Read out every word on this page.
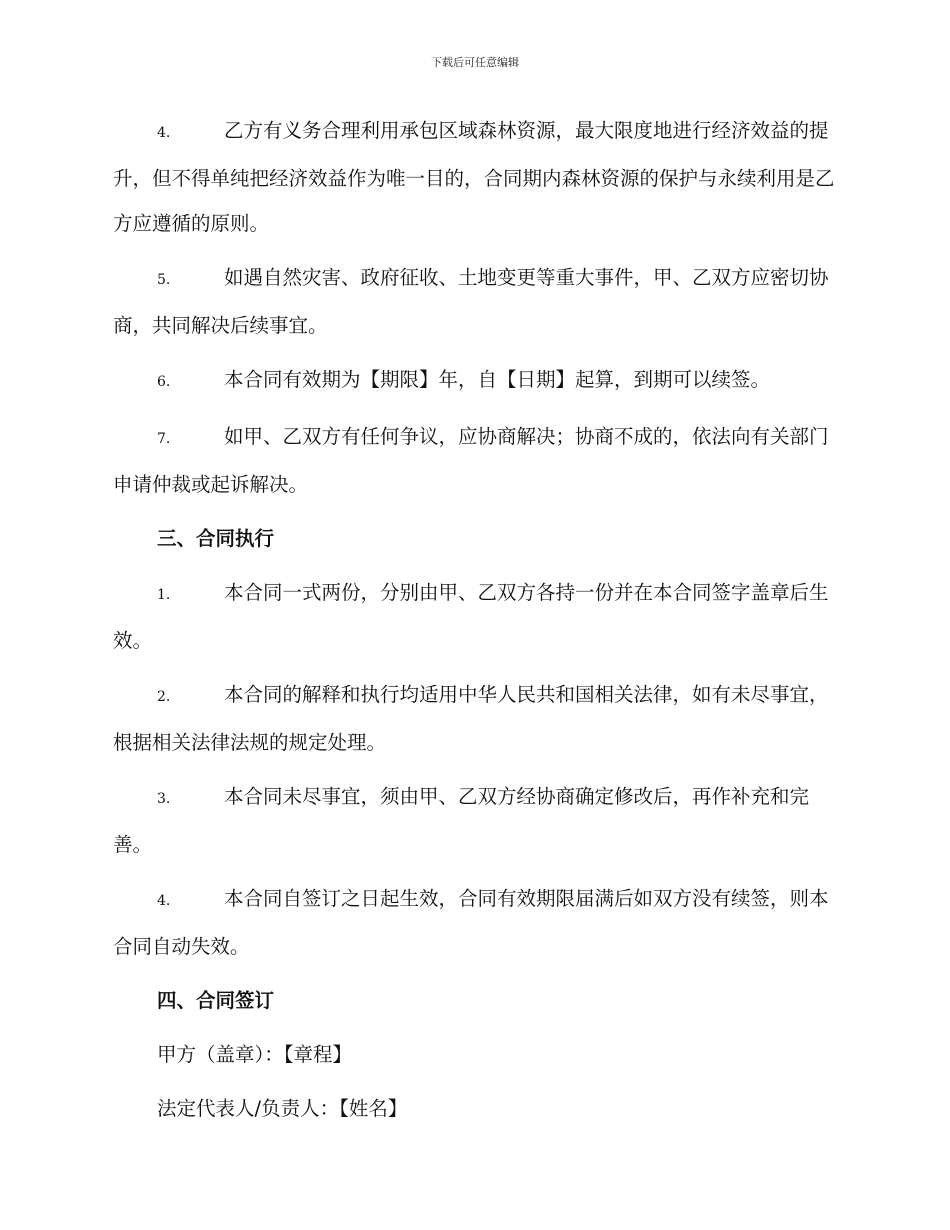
下载后可任意编辑

4.	乙方有义务合理利用承包区域森林资源，最大限度地进行经济效益的提升，但不得单纯把经济效益作为唯一目的，合同期内森林资源的保护与永续利用是乙方应遵循的原则。

5.	如遇自然灾害、政府征收、土地变更等重大事件，甲、乙双方应密切协商，共同解决后续事宜。

6.	本合同有效期为【期限】年，自【日期】起算，到期可以续签。

7.	如甲、乙双方有任何争议，应协商解决；协商不成的，依法向有关部门申请仲裁或起诉解决。

三、合同执行

1.	本合同一式两份，分别由甲、乙双方各持一份并在本合同签字盖章后生效。

2.	本合同的解释和执行均适用中华人民共和国相关法律，如有未尽事宜，根据相关法律法规的规定处理。

3.	本合同未尽事宜，须由甲、乙双方经协商确定修改后，再作补充和完善。

4.	本合同自签订之日起生效，合同有效期限届满后如双方没有续签，则本合同自动失效。

四、合同签订

甲方（盖章）：【章程】

法定代表人/负责人：【姓名】
